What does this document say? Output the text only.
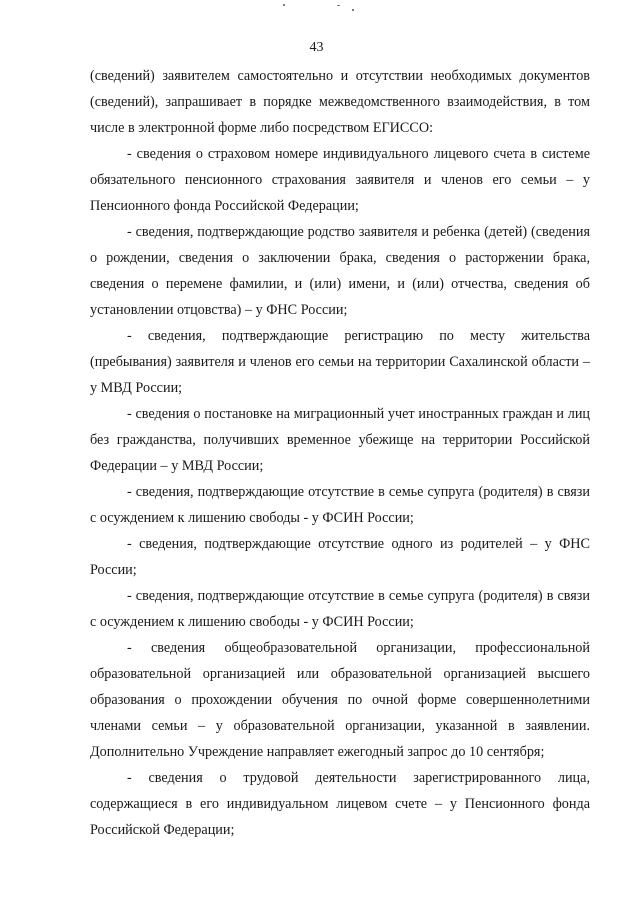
43

(сведений) заявителем самостоятельно и отсутствии необходимых документов (сведений), запрашивает в порядке межведомственного взаимодействия, в том числе в электронной форме либо посредством ЕГИССО:

- сведения о страховом номере индивидуального лицевого счета в системе обязательного пенсионного страхования заявителя и членов его семьи – у Пенсионного фонда Российской Федерации;

- сведения, подтверждающие родство заявителя и ребенка (детей) (сведения о рождении, сведения о заключении брака, сведения о расторжении брака, сведения о перемене фамилии, и (или) имени, и (или) отчества, сведения об установлении отцовства) – у ФНС России;

- сведения, подтверждающие регистрацию по месту жительства (пребывания) заявителя и членов его семьи на территории Сахалинской области – у МВД России;

- сведения о постановке на миграционный учет иностранных граждан и лиц без гражданства, получивших временное убежище на территории Российской Федерации – у МВД России;

- сведения, подтверждающие отсутствие в семье супруга (родителя) в связи с осуждением к лишению свободы - у ФСИН России;

- сведения, подтверждающие отсутствие одного из родителей – у ФНС России;

- сведения, подтверждающие отсутствие в семье супруга (родителя) в связи с осуждением к лишению свободы - у ФСИН России;

- сведения общеобразовательной организации, профессиональной образовательной организацией или образовательной организацией высшего образования о прохождении обучения по очной форме совершеннолетними членами семьи – у образовательной организации, указанной в заявлении. Дополнительно Учреждение направляет ежегодный запрос до 10 сентября;

- сведения о трудовой деятельности зарегистрированного лица, содержащиеся в его индивидуальном лицевом счете – у Пенсионного фонда Российской Федерации;
